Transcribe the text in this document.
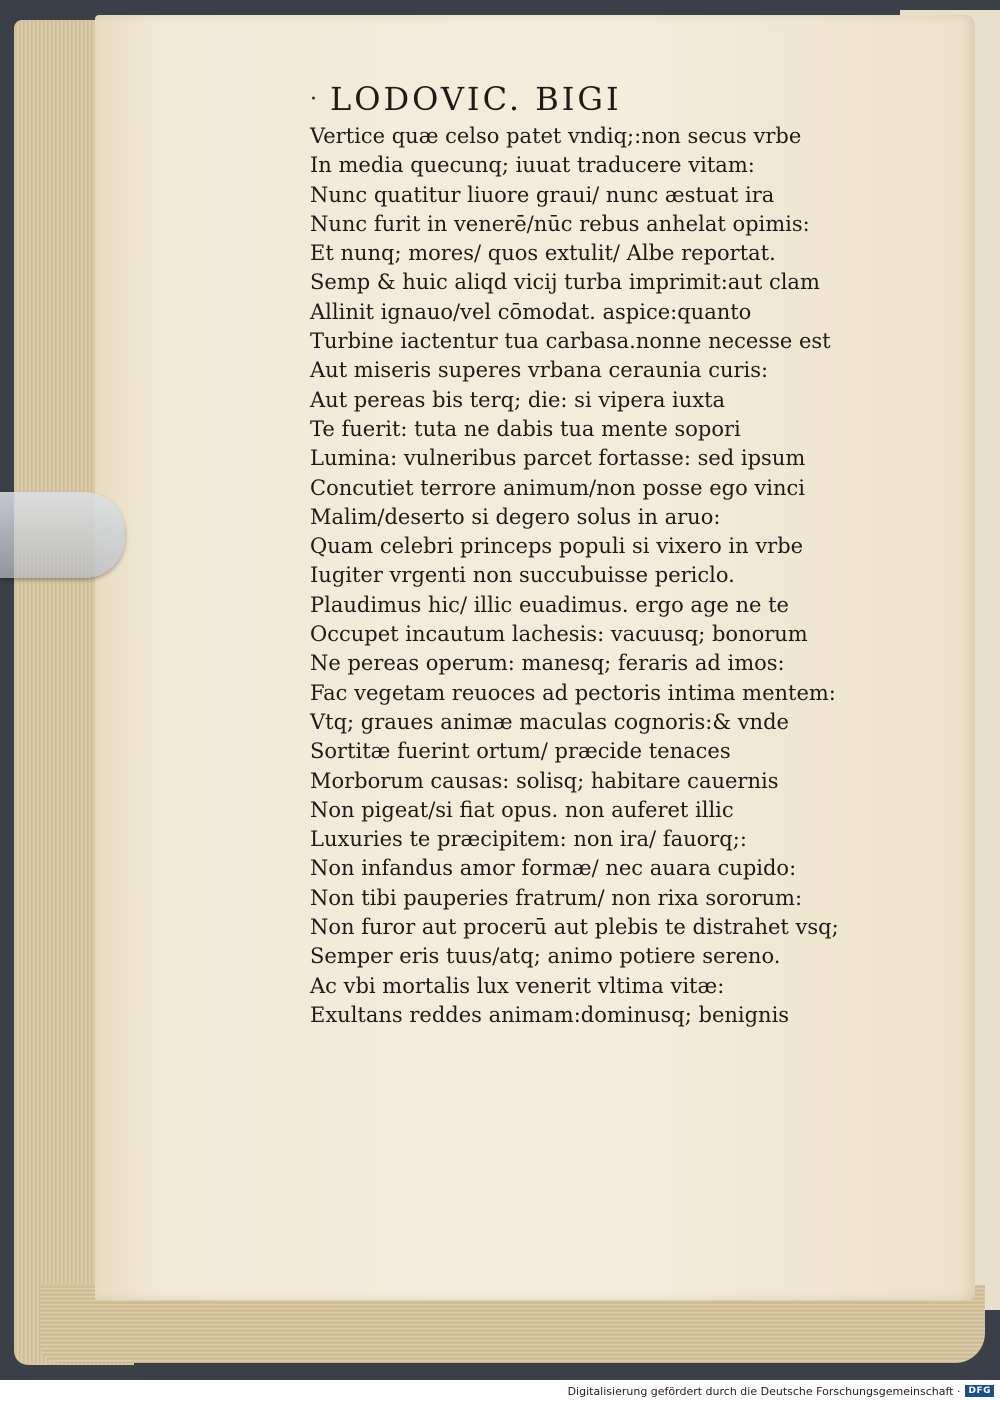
· LODOVIC. BIGI
Vertice quæ celso patet vndiq;:non secus vrbe
In media quecunq; iuuat traducere vitam:
Nunc quatitur liuore graui/ nunc æstuat ira
Nunc furit in venerē/nūc rebus anhelat opimis:
Et nunq; mores/ quos extulit/ Albe reportat.
Semp & huic aliqd vicij turba imprimit:aut clam
Allinit ignauo/vel cōmodat. aspice:quanto
Turbine iactentur tua carbasa.nonne necesse est
Aut miseris superes vrbana ceraunia curis:
Aut pereas bis terq; die: si vipera iuxta
Te fuerit: tuta ne dabis tua mente sopori
Lumina: vulneribus parcet fortasse: sed ipsum
Concutiet terrore animum/non posse ego vinci
Malim/deserto si degero solus in aruo:
Quam celebri princeps populi si vixero in vrbe
Iugiter vrgenti non succubuisse periclo.
Plaudimus hic/ illic euadimus. ergo age ne te
Occupet incautum lachesis: vacuusq; bonorum
Ne pereas operum: manesq; feraris ad imos:
Fac vegetam reuoces ad pectoris intima mentem:
Vtq; graues animæ maculas cognoris:& vnde
Sortitæ fuerint ortum/ præcide tenaces
Morborum causas: solisq; habitare cauernis
Non pigeat/si fiat opus. non auferet illic
Luxuries te præcipitem: non ira/ fauorq;:
Non infandus amor formæ/ nec auara cupido:
Non tibi pauperies fratrum/ non rixa sororum:
Non furor aut procerū aut plebis te distrahet vsq;
Semper eris tuus/atq; animo potiere sereno.
Ac vbi mortalis lux venerit vltima vitæ:
Exultans reddes animam:dominusq; benignis
Digitalisierung gefördert durch die Deutsche Forschungsgemeinschaft · DFG
